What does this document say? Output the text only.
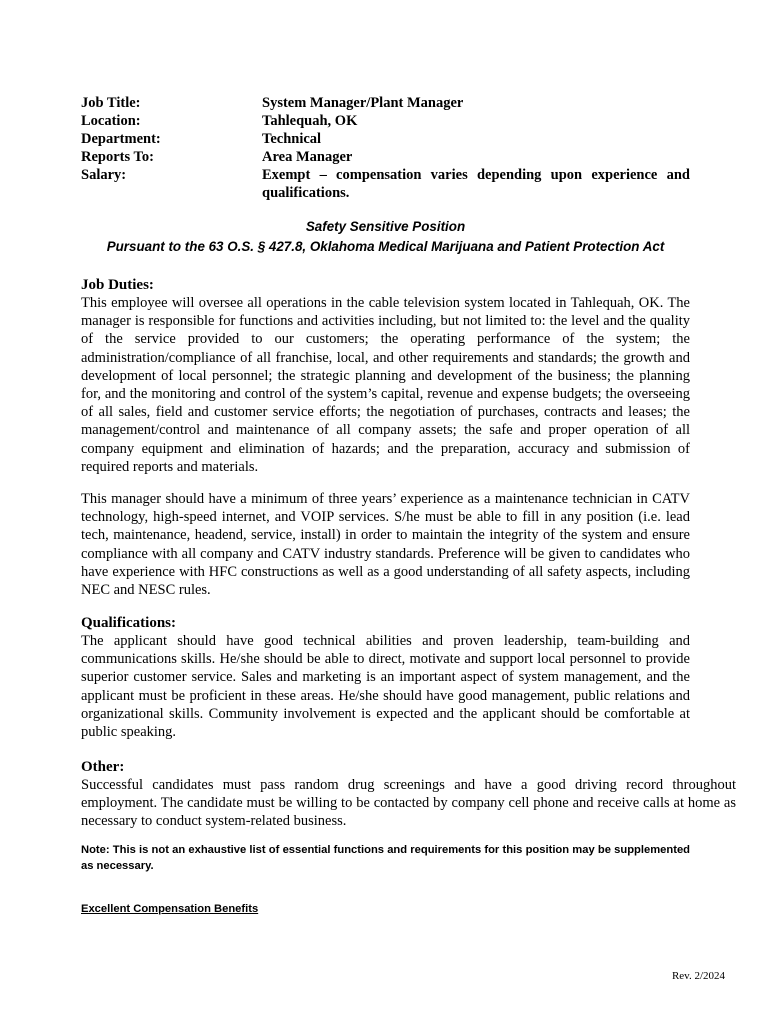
Job Title:	System Manager/Plant Manager
Location:	Tahlequah, OK
Department:	Technical
Reports To:	Area Manager
Salary:	Exempt – compensation varies depending upon experience and qualifications.
Safety Sensitive Position
Pursuant to the 63 O.S. § 427.8, Oklahoma Medical Marijuana and Patient Protection Act
Job Duties:
This employee will oversee all operations in the cable television system located in Tahlequah, OK. The manager is responsible for functions and activities including, but not limited to: the level and the quality of the service provided to our customers; the operating performance of the system; the administration/compliance of all franchise, local, and other requirements and standards; the growth and development of local personnel; the strategic planning and development of the business; the planning for, and the monitoring and control of the system’s capital, revenue and expense budgets; the overseeing of all sales, field and customer service efforts; the negotiation of purchases, contracts and leases; the management/control and maintenance of all company assets; the safe and proper operation of all company equipment and elimination of hazards; and the preparation, accuracy and submission of required reports and materials.
This manager should have a minimum of three years’ experience as a maintenance technician in CATV technology, high-speed internet, and VOIP services. S/he must be able to fill in any position (i.e. lead tech, maintenance, headend, service, install) in order to maintain the integrity of the system and ensure compliance with all company and CATV industry standards. Preference will be given to candidates who have experience with HFC constructions as well as a good understanding of all safety aspects, including NEC and NESC rules.
Qualifications:
The applicant should have good technical abilities and proven leadership, team-building and communications skills. He/she should be able to direct, motivate and support local personnel to provide superior customer service. Sales and marketing is an important aspect of system management, and the applicant must be proficient in these areas. He/she should have good management, public relations and organizational skills. Community involvement is expected and the applicant should be comfortable at public speaking.
Other:
Successful candidates must pass random drug screenings and have a good driving record throughout employment. The candidate must be willing to be contacted by company cell phone and receive calls at home as necessary to conduct system-related business.
Note: This is not an exhaustive list of essential functions and requirements for this position may be supplemented as necessary.
Excellent Compensation Benefits
Rev. 2/2024
